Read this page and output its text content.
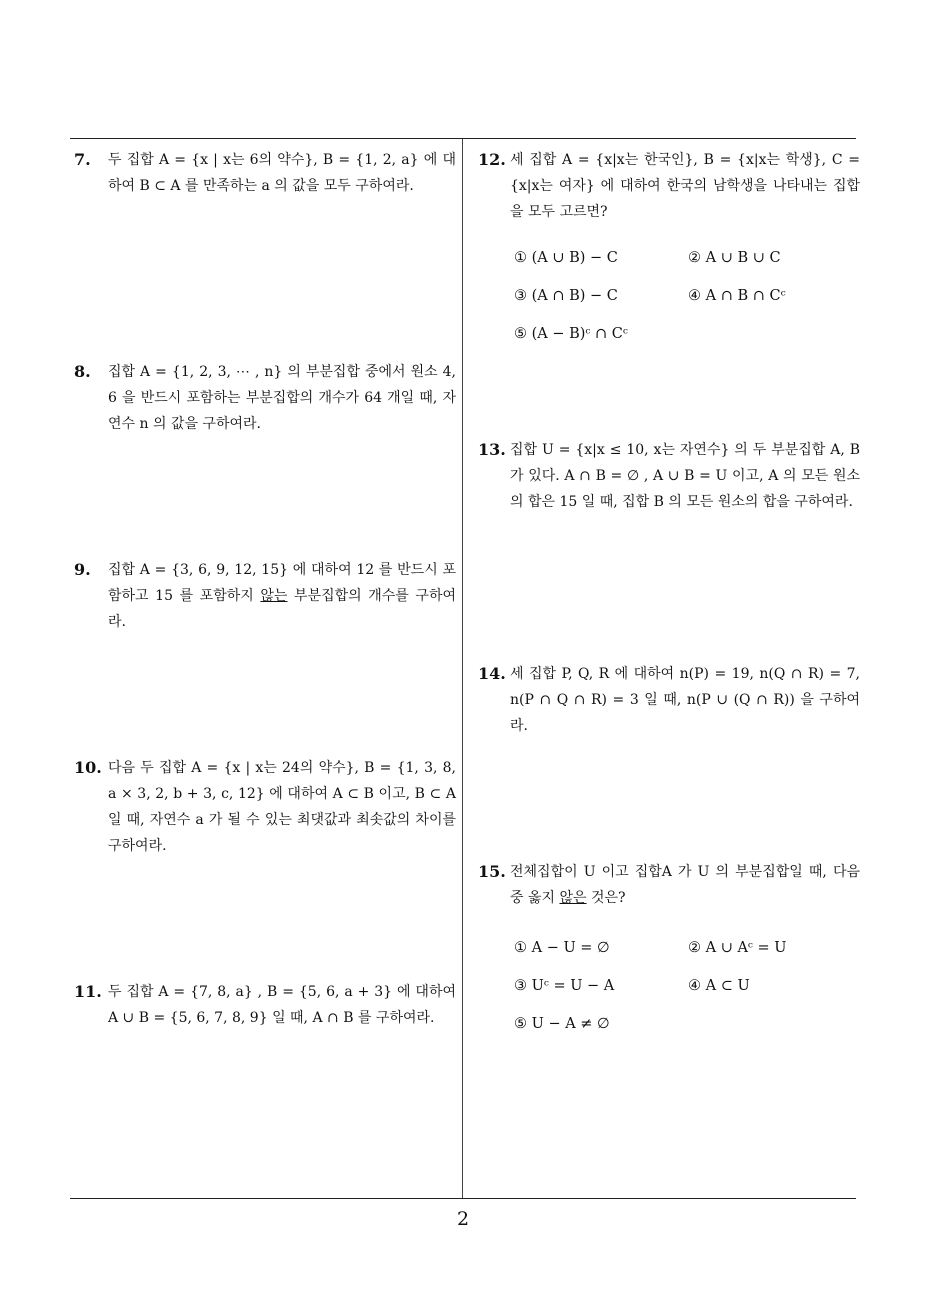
7. 두 집합 A = {x | x는 6의 약수}, B = {1, 2, a} 에 대하여 B ⊂ A 를 만족하는 a 의 값을 모두 구하여라.
8. 집합 A = {1, 2, 3, ⋯ , n} 의 부분집합 중에서 원소 4, 6 을 반드시 포함하는 부분집합의 개수가 64 개일 때, 자연수 n 의 값을 구하여라.
9. 집합 A = {3, 6, 9, 12, 15} 에 대하여 12 를 반드시 포함하고 15 를 포함하지 않는 부분집합의 개수를 구하여라.
10. 다음 두 집합 A = {x | x는 24의 약수}, B = {1, 3, 8, a × 3, 2, b + 3, c, 12} 에 대하여 A ⊂ B 이고, B ⊂ A 일 때, 자연수 a 가 될 수 있는 최댓값과 최솟값의 차이를 구하여라.
11. 두 집합 A = {7, 8, a} , B = {5, 6, a + 3} 에 대하여 A ∪ B = {5, 6, 7, 8, 9} 일 때, A ∩ B 를 구하여라.
12. 세 집합 A = {x|x는 한국인}, B = {x|x는 학생}, C = {x|x는 여자} 에 대하여 한국의 남학생을 나타내는 집합을 모두 고르면?
① (A ∪ B) − C	② A ∪ B ∪ C
③ (A ∩ B) − C	④ A ∩ B ∩ Cᶜ
⑤ (A − B)ᶜ ∩ Cᶜ
13. 집합 U = {x|x ≤ 10, x는 자연수} 의 두 부분집합 A, B 가 있다. A ∩ B = ∅ , A ∪ B = U 이고, A 의 모든 원소의 합은 15 일 때, 집합 B 의 모든 원소의 합을 구하여라.
14. 세 집합 P, Q, R 에 대하여 n(P) = 19, n(Q ∩ R) = 7, n(P ∩ Q ∩ R) = 3 일 때, n(P ∪ (Q ∩ R)) 을 구하여라.
15. 전체집합이 U 이고 집합A 가 U 의 부분집합일 때, 다음 중 옳지 않은 것은?
① A − U = ∅	② A ∪ Aᶜ = U
③ Uᶜ = U − A	④ A ⊂ U
⑤ U − A ≠ ∅
2
